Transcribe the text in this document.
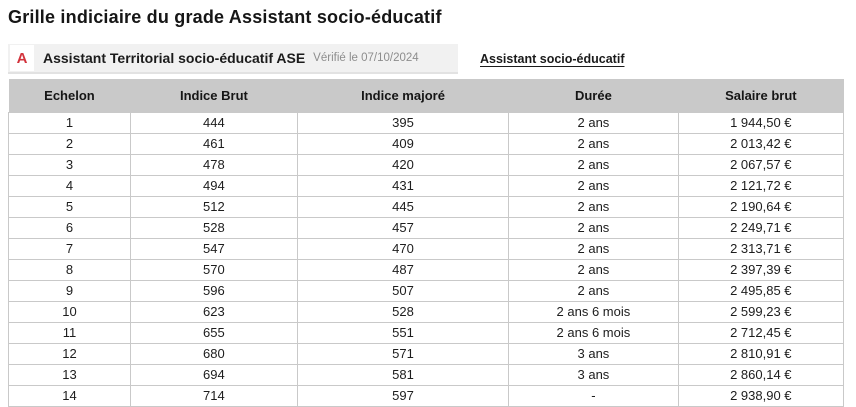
Grille indiciaire du grade Assistant socio-éducatif
A	Assistant Territorial socio-éducatif ASE Vérifié le 07/10/2024	Assistant socio-éducatif
Echelon	Indice Brut	Indice majoré	Durée	Salaire brut
1	444	395	2 ans	1 944,50 €
2	461	409	2 ans	2 013,42 €
3	478	420	2 ans	2 067,57 €
4	494	431	2 ans	2 121,72 €
5	512	445	2 ans	2 190,64 €
6	528	457	2 ans	2 249,71 €
7	547	470	2 ans	2 313,71 €
8	570	487	2 ans	2 397,39 €
9	596	507	2 ans	2 495,85 €
10	623	528	2 ans 6 mois	2 599,23 €
11	655	551	2 ans 6 mois	2 712,45 €
12	680	571	3 ans	2 810,91 €
13	694	581	3 ans	2 860,14 €
14	714	597	-	2 938,90 €
